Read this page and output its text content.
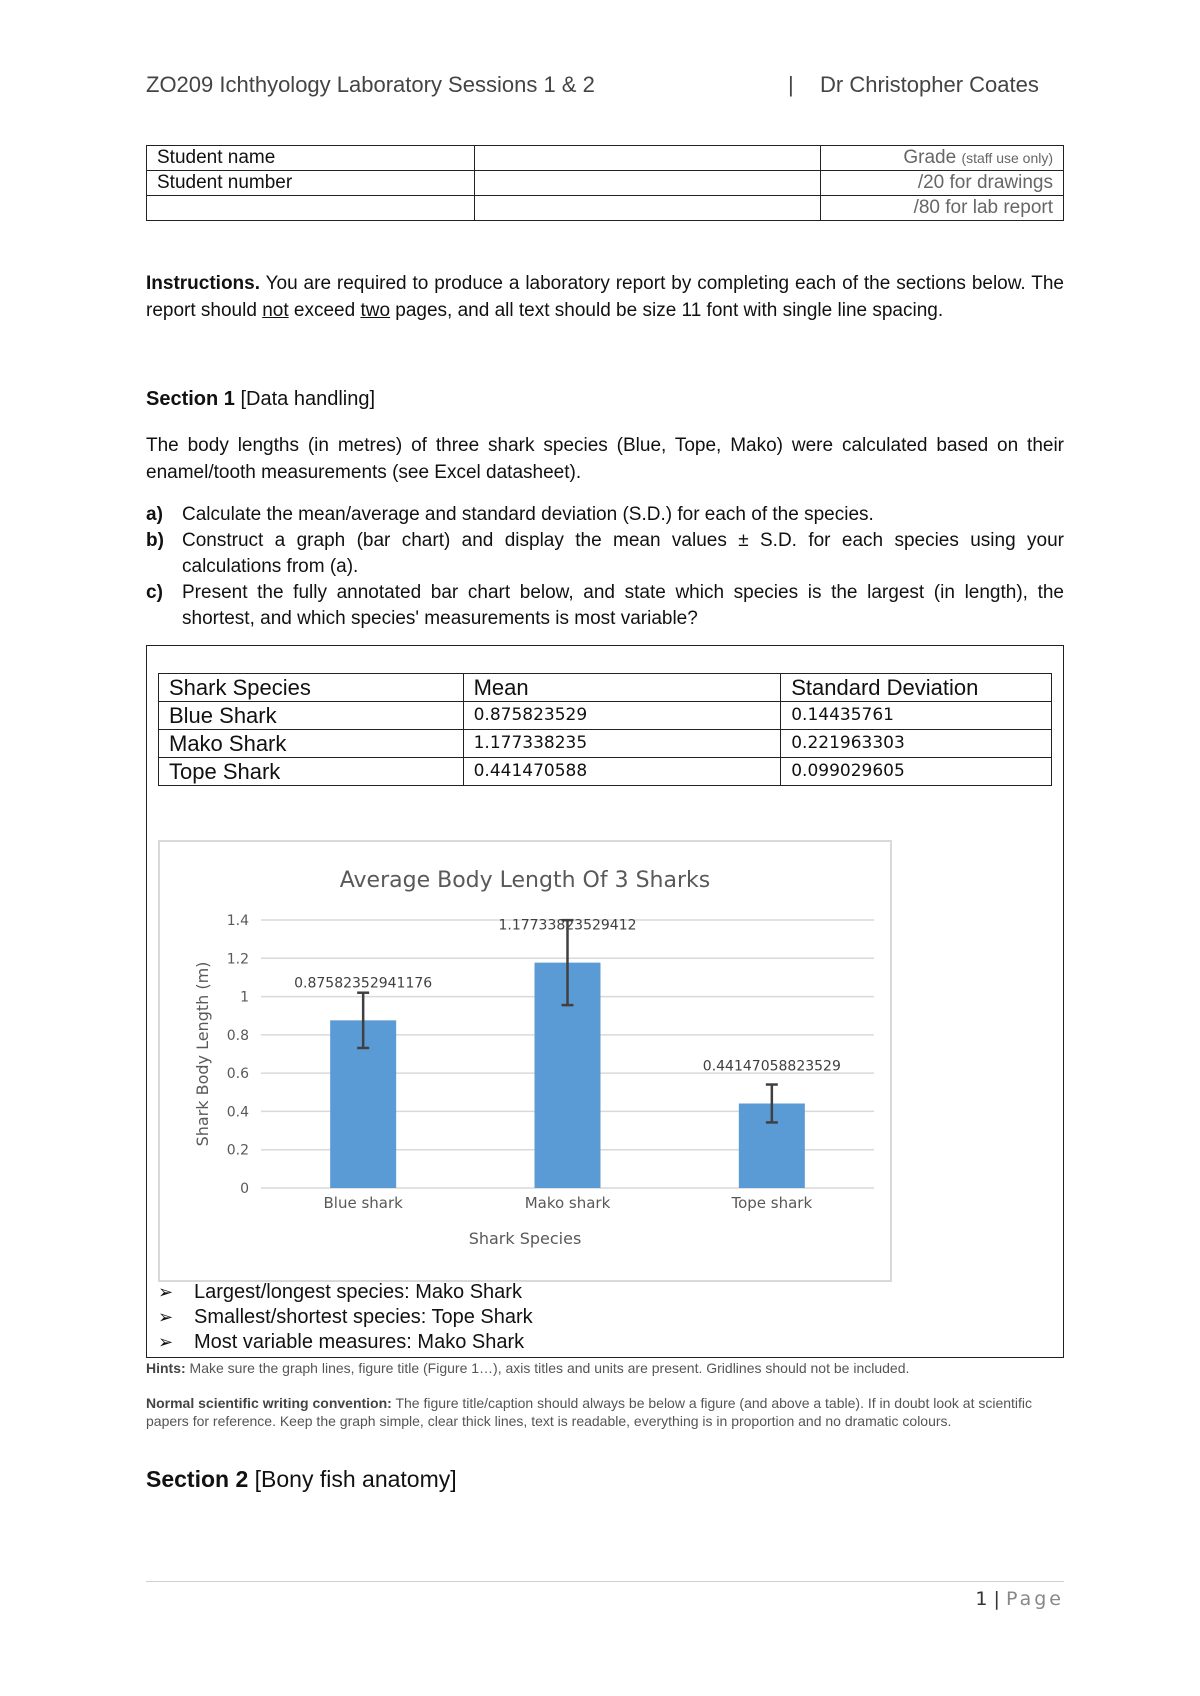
ZO209 Ichthyology Laboratory Sessions 1 & 2	| Dr Christopher Coates
Student name		Grade (staff use only)
Student number		/20 for drawings
		/80 for lab report
Instructions. You are required to produce a laboratory report by completing each of the sections below. The report should not exceed two pages, and all text should be size 11 font with single line spacing.
Section 1 [Data handling]
The body lengths (in metres) of three shark species (Blue, Tope, Mako) were calculated based on their enamel/tooth measurements (see Excel datasheet).
a)	Calculate the mean/average and standard deviation (S.D.) for each of the species.
b) Construct a graph (bar chart) and display the mean values ± S.D. for each species using your calculations from (a).
c)	Present the fully annotated bar chart below, and state which species is the largest (in length), the shortest, and which species' measurements is most variable?
Shark Species	Mean	Standard Deviation
Blue Shark	0.875823529	0.14435761
Mako Shark	1.177338235	0.221963303
Tope Shark	0.441470588	0.099029605
Average Body Length Of 3 Sharks
0
0.2
0.4
0.6
0.8
1
1.2
1.4
0.87582352941176
Blue shark
1.17733823529412
Mako shark
0.44147058823529
Tope shark
Shark Species
Shark Body Length (m)
➢	Largest/longest species: Mako Shark
➢	Smallest/shortest species: Tope Shark
➢	Most variable measures: Mako Shark
Hints: Make sure the graph lines, figure title (Figure 1…), axis titles and units are present. Gridlines should not be included.
Normal scientific writing convention: The figure title/caption should always be below a figure (and above a table). If in doubt look at scientific papers for reference. Keep the graph simple, clear thick lines, text is readable, everything is in proportion and no dramatic colours.
Section 2 [Bony fish anatomy]
1 | Page
